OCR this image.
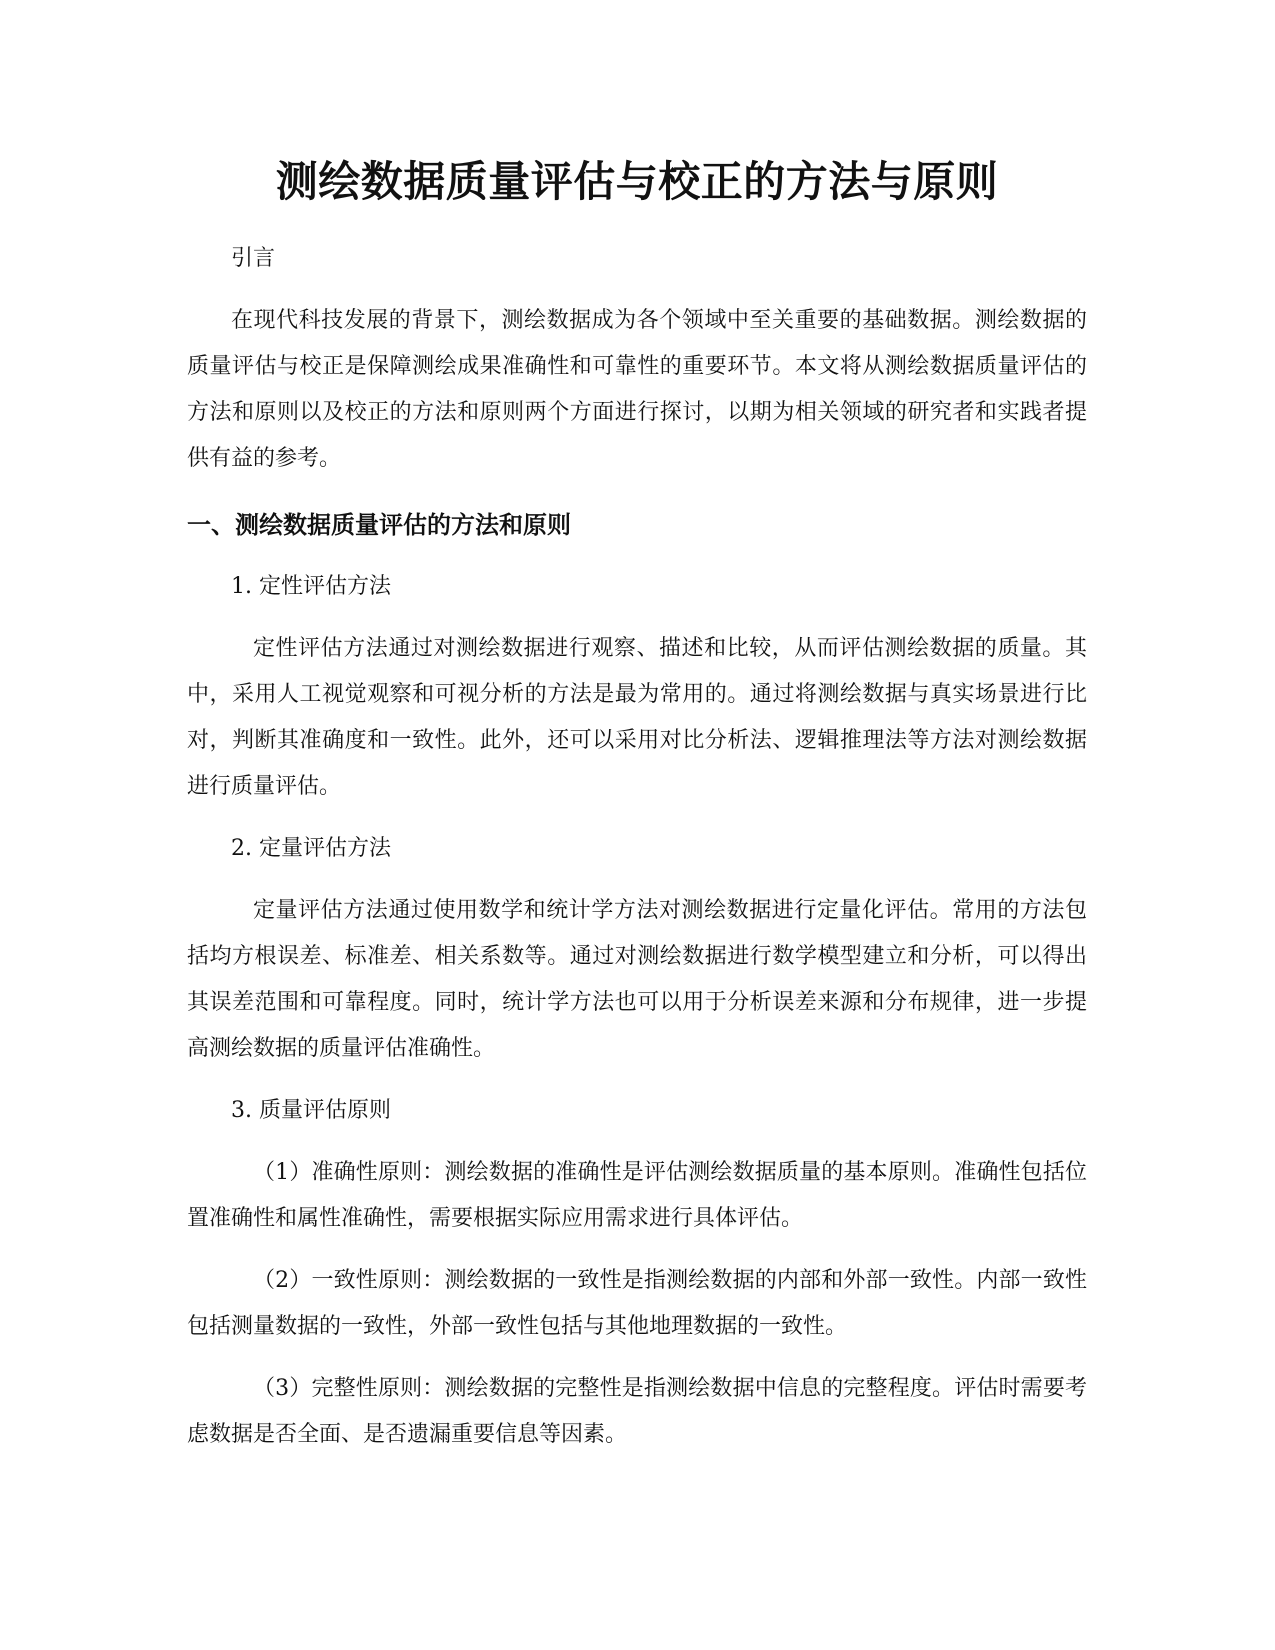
测绘数据质量评估与校正的方法与原则

引言

在现代科技发展的背景下，测绘数据成为各个领域中至关重要的基础数据。测绘数据的质量评估与校正是保障测绘成果准确性和可靠性的重要环节。本文将从测绘数据质量评估的方法和原则以及校正的方法和原则两个方面进行探讨，以期为相关领域的研究者和实践者提供有益的参考。

一、测绘数据质量评估的方法和原则

1. 定性评估方法

定性评估方法通过对测绘数据进行观察、描述和比较，从而评估测绘数据的质量。其中，采用人工视觉观察和可视分析的方法是最为常用的。通过将测绘数据与真实场景进行比对，判断其准确度和一致性。此外，还可以采用对比分析法、逻辑推理法等方法对测绘数据进行质量评估。

2. 定量评估方法

定量评估方法通过使用数学和统计学方法对测绘数据进行定量化评估。常用的方法包括均方根误差、标准差、相关系数等。通过对测绘数据进行数学模型建立和分析，可以得出其误差范围和可靠程度。同时，统计学方法也可以用于分析误差来源和分布规律，进一步提高测绘数据的质量评估准确性。

3. 质量评估原则

（1）准确性原则：测绘数据的准确性是评估测绘数据质量的基本原则。准确性包括位置准确性和属性准确性，需要根据实际应用需求进行具体评估。

（2）一致性原则：测绘数据的一致性是指测绘数据的内部和外部一致性。内部一致性包括测量数据的一致性，外部一致性包括与其他地理数据的一致性。

（3）完整性原则：测绘数据的完整性是指测绘数据中信息的完整程度。评估时需要考虑数据是否全面、是否遗漏重要信息等因素。
